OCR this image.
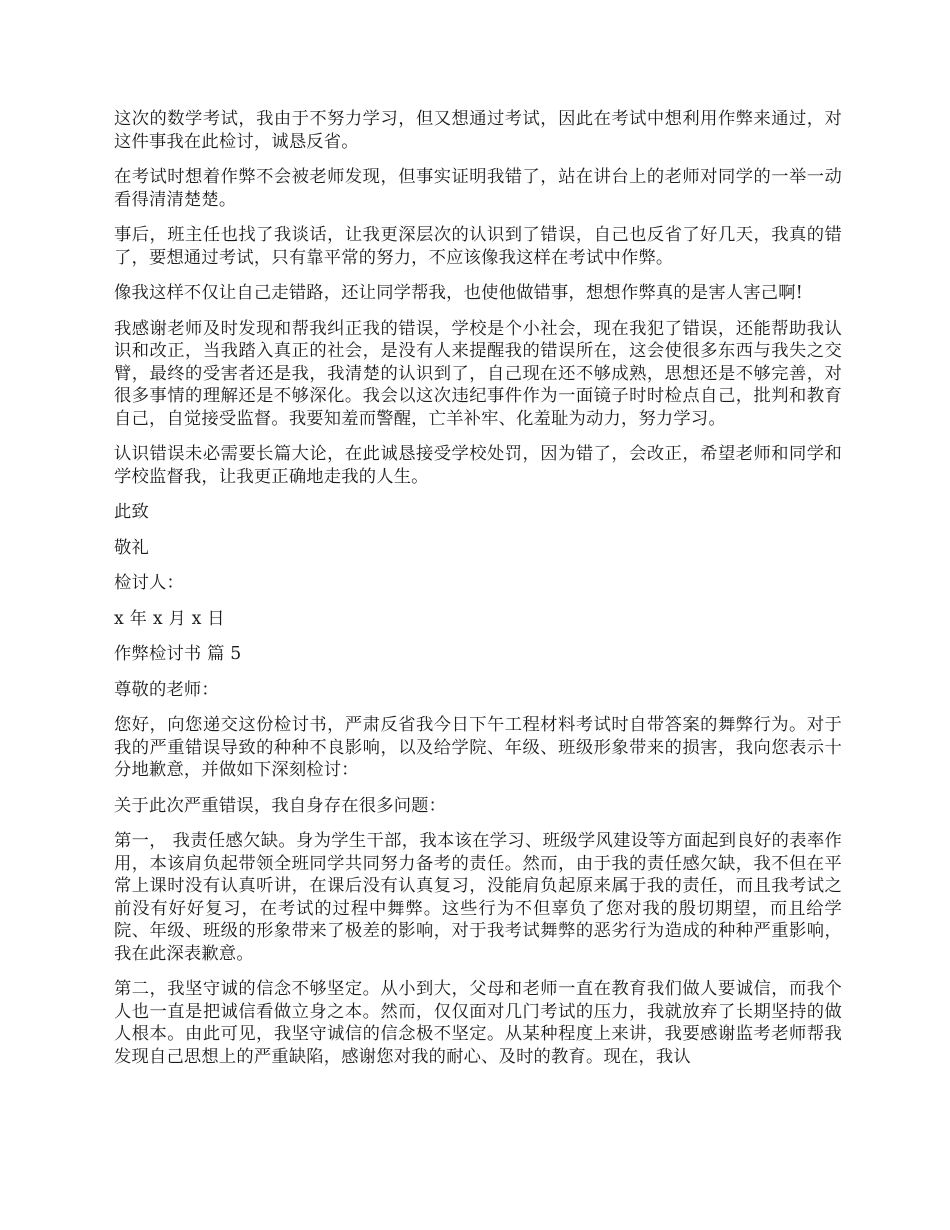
这次的数学考试，我由于不努力学习，但又想通过考试，因此在考试中想利用作弊来通过，对这件事我在此检讨，诚恳反省。

在考试时想着作弊不会被老师发现，但事实证明我错了，站在讲台上的老师对同学的一举一动看得清清楚楚。

事后，班主任也找了我谈话，让我更深层次的认识到了错误，自己也反省了好几天，我真的错了，要想通过考试，只有靠平常的努力，不应该像我这样在考试中作弊。

像我这样不仅让自己走错路，还让同学帮我，也使他做错事，想想作弊真的是害人害己啊!

我感谢老师及时发现和帮我纠正我的错误，学校是个小社会，现在我犯了错误，还能帮助我认识和改正，当我踏入真正的社会，是没有人来提醒我的错误所在，这会使很多东西与我失之交臂，最终的受害者还是我，我清楚的认识到了，自己现在还不够成熟，思想还是不够完善，对很多事情的理解还是不够深化。我会以这次违纪事件作为一面镜子时时检点自己，批判和教育自己，自觉接受监督。我要知羞而警醒，亡羊补牢、化羞耻为动力，努力学习。

认识错误未必需要长篇大论，在此诚恳接受学校处罚，因为错了，会改正，希望老师和同学和学校监督我，让我更正确地走我的人生。

此致

敬礼

检讨人：

x 年 x 月 x 日

作弊检讨书 篇 5

尊敬的老师：

您好，向您递交这份检讨书，严肃反省我今日下午工程材料考试时自带答案的舞弊行为。对于我的严重错误导致的种种不良影响，以及给学院、年级、班级形象带来的损害，我向您表示十分地歉意，并做如下深刻检讨：

关于此次严重错误，我自身存在很多问题：

第一， 我责任感欠缺。身为学生干部，我本该在学习、班级学风建设等方面起到良好的表率作用，本该肩负起带领全班同学共同努力备考的责任。然而，由于我的责任感欠缺，我不但在平常上课时没有认真听讲，在课后没有认真复习，没能肩负起原来属于我的责任，而且我考试之前没有好好复习，在考试的过程中舞弊。这些行为不但辜负了您对我的殷切期望，而且给学院、年级、班级的形象带来了极差的影响，对于我考试舞弊的恶劣行为造成的种种严重影响，我在此深表歉意。

第二，我坚守诚的信念不够坚定。从小到大，父母和老师一直在教育我们做人要诚信，而我个人也一直是把诚信看做立身之本。然而，仅仅面对几门考试的压力，我就放弃了长期坚持的做人根本。由此可见，我坚守诚信的信念极不坚定。从某种程度上来讲，我要感谢监考老师帮我发现自己思想上的严重缺陷，感谢您对我的耐心、及时的教育。现在，我认
